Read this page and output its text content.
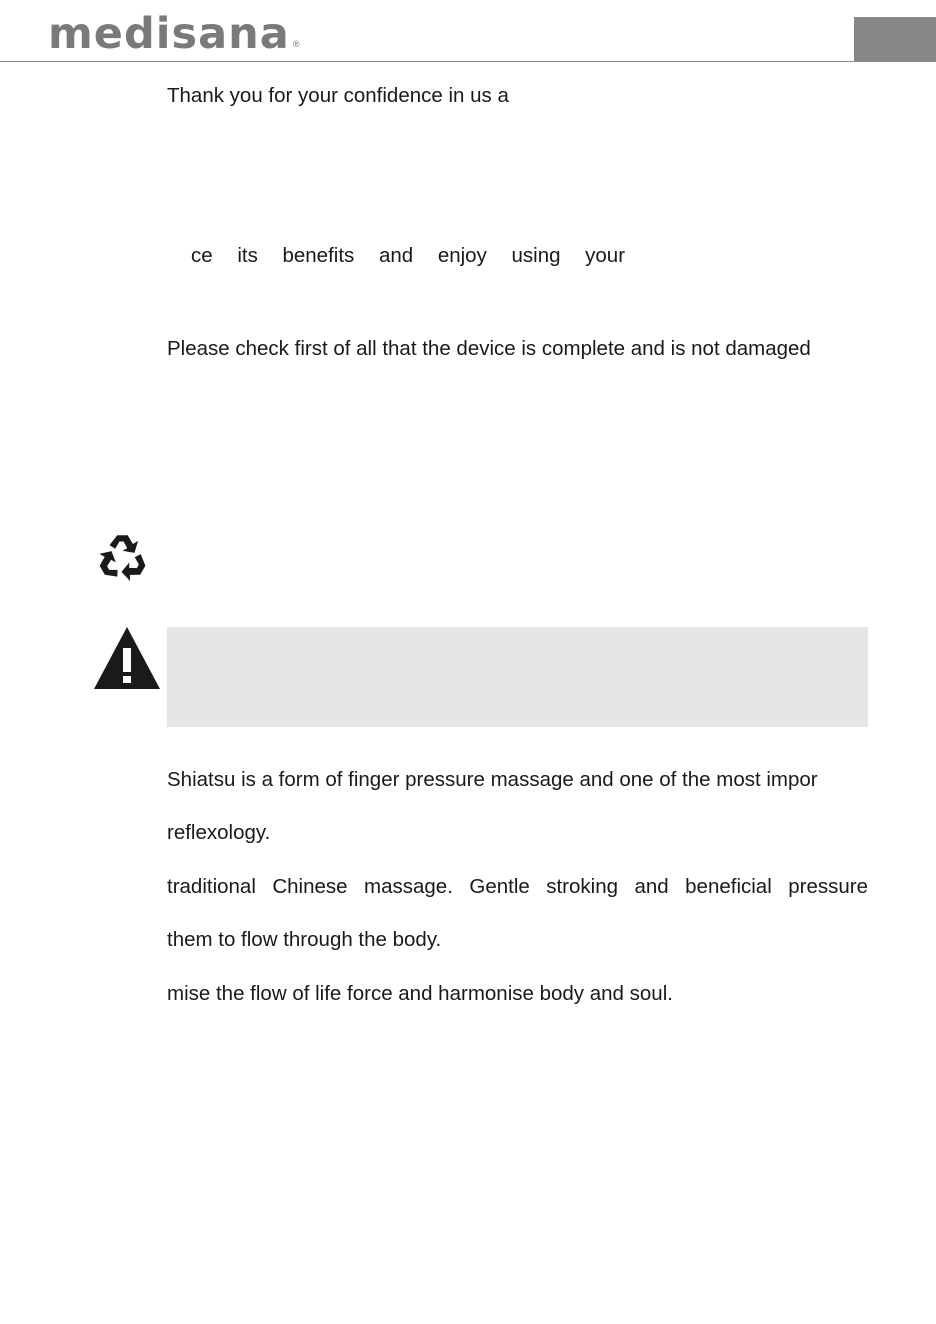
medisana ®

Thank you for your confidence in us a

ce its benefits and enjoy using your

Please check first of all that the device is complete and is not damaged

Shiatsu is a form of finger pressure massage and one of the most impor

reflexology.

traditional Chinese massage. Gentle stroking and beneficial pressure

them to flow through the body.

mise the flow of life force and harmonise body and soul.
